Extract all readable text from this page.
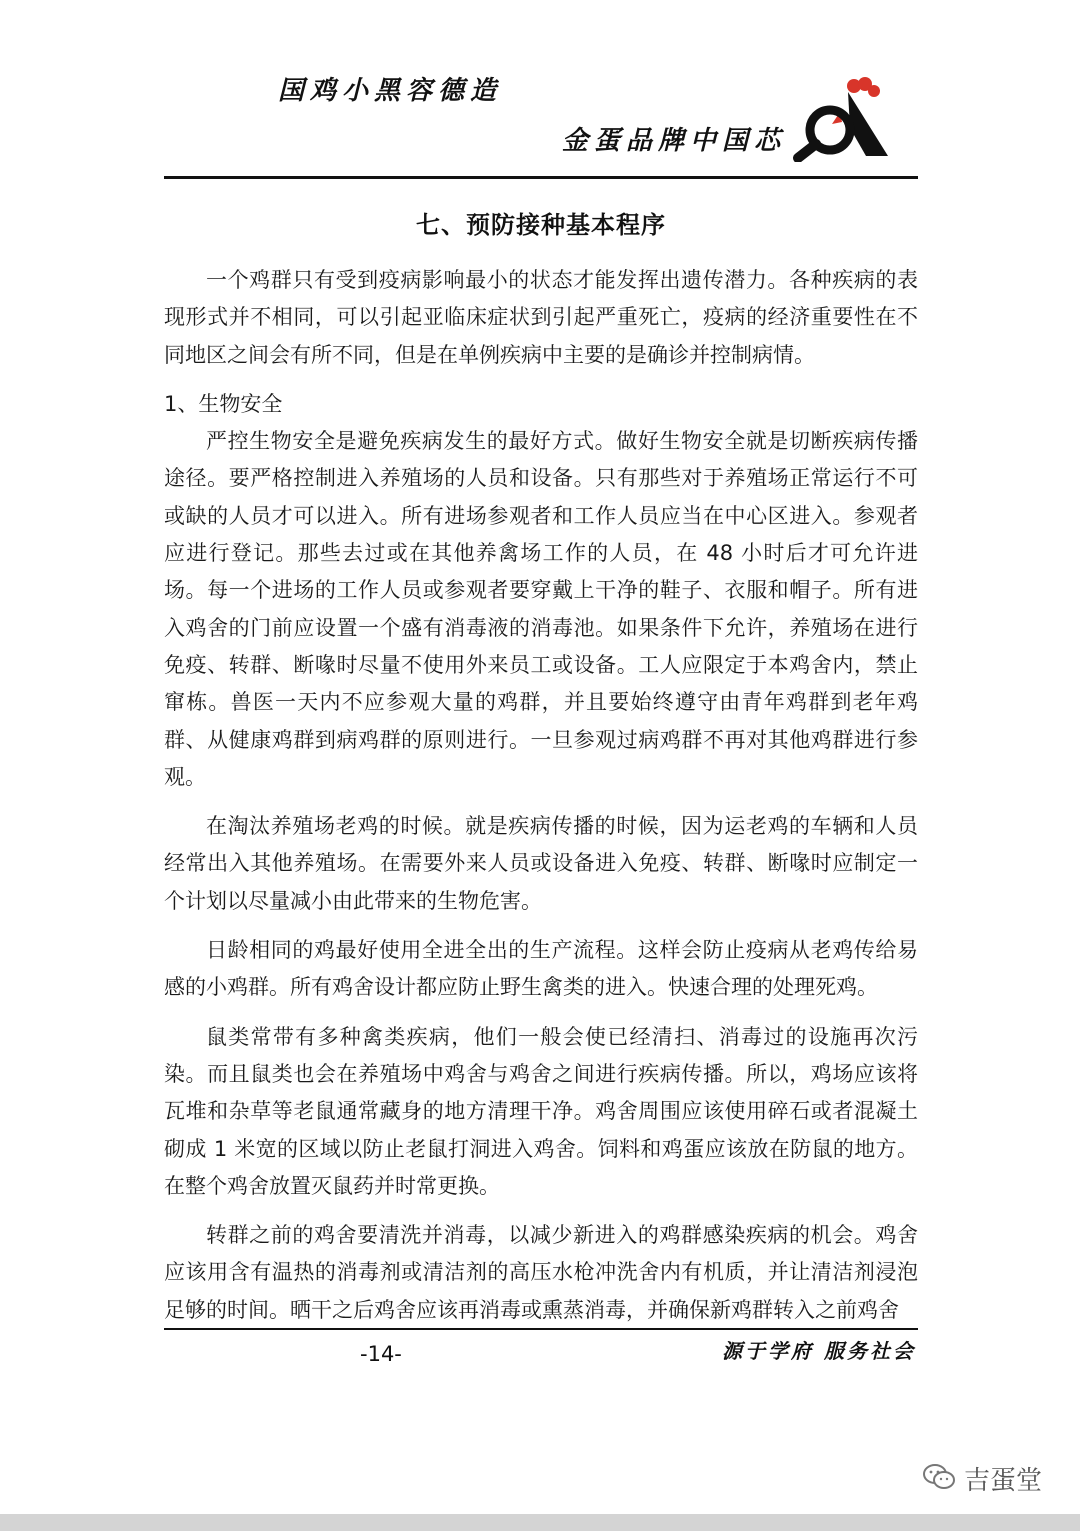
国鸡小黑容德造
金蛋品牌中国芯
七、预防接种基本程序

一个鸡群只有受到疫病影响最小的状态才能发挥出遗传潜力。各种疾病的表现形式并不相同，可以引起亚临床症状到引起严重死亡，疫病的经济重要性在不同地区之间会有所不同，但是在单例疾病中主要的是确诊并控制病情。

1、生物安全

严控生物安全是避免疾病发生的最好方式。做好生物安全就是切断疾病传播途径。要严格控制进入养殖场的人员和设备。只有那些对于养殖场正常运行不可或缺的人员才可以进入。所有进场参观者和工作人员应当在中心区进入。参观者应进行登记。那些去过或在其他养禽场工作的人员，在 48 小时后才可允许进场。每一个进场的工作人员或参观者要穿戴上干净的鞋子、衣服和帽子。所有进入鸡舍的门前应设置一个盛有消毒液的消毒池。如果条件下允许，养殖场在进行免疫、转群、断喙时尽量不使用外来员工或设备。工人应限定于本鸡舍内，禁止窜栋。兽医一天内不应参观大量的鸡群，并且要始终遵守由青年鸡群到老年鸡群、从健康鸡群到病鸡群的原则进行。一旦参观过病鸡群不再对其他鸡群进行参观。

在淘汰养殖场老鸡的时候。就是疾病传播的时候，因为运老鸡的车辆和人员经常出入其他养殖场。在需要外来人员或设备进入免疫、转群、断喙时应制定一个计划以尽量减小由此带来的生物危害。

日龄相同的鸡最好使用全进全出的生产流程。这样会防止疫病从老鸡传给易感的小鸡群。所有鸡舍设计都应防止野生禽类的进入。快速合理的处理死鸡。

鼠类常带有多种禽类疾病，他们一般会使已经清扫、消毒过的设施再次污染。而且鼠类也会在养殖场中鸡舍与鸡舍之间进行疾病传播。所以，鸡场应该将瓦堆和杂草等老鼠通常藏身的地方清理干净。鸡舍周围应该使用碎石或者混凝土砌成 1 米宽的区域以防止老鼠打洞进入鸡舍。饲料和鸡蛋应该放在防鼠的地方。在整个鸡舍放置灭鼠药并时常更换。

转群之前的鸡舍要清洗并消毒，以减少新进入的鸡群感染疾病的机会。鸡舍应该用含有温热的消毒剂或清洁剂的高压水枪冲洗舍内有机质，并让清洁剂浸泡足够的时间。晒干之后鸡舍应该再消毒或熏蒸消毒，并确保新鸡群转入之前鸡舍

-14-	源于学府 服务社会
吉蛋堂
